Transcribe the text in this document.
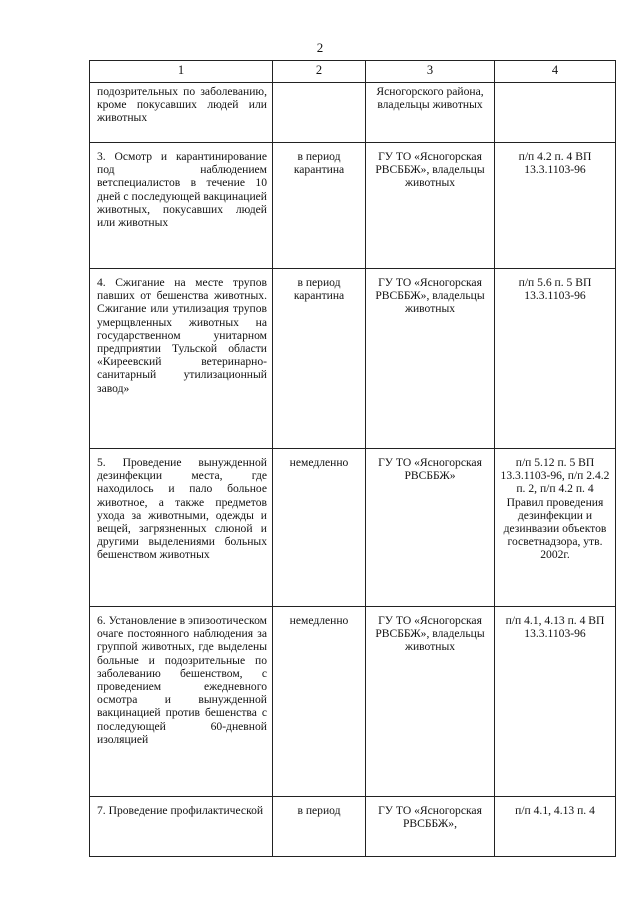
2
1	2	3	4
подозрительных по заболеванию, кроме покусавших людей или животных		Ясногорского района, владельцы животных	
3. Осмотр и карантинирование под наблюдением ветспециалистов в течение 10 дней с последующей вакцинацией животных, покусавших людей или животных	в период карантина	ГУ ТО «Ясногорская РВСББЖ», владельцы животных	п/п 4.2 п. 4 ВП 13.3.1103-96
4. Сжигание на месте трупов павших от бешенства животных. Сжигание или утилизация трупов умерщвленных животных на государственном унитарном предприятии Тульской области «Киреевский ветеринарно-санитарный утилизационный завод»	в период карантина	ГУ ТО «Ясногорская РВСББЖ», владельцы животных	п/п 5.6 п. 5 ВП 13.3.1103-96
5. Проведение вынужденной дезинфекции места, где находилось и пало больное животное, а также предметов ухода за животными, одежды и вещей, загрязненных слюной и другими выделениями больных бешенством животных	немедленно	ГУ ТО «Ясногорская РВСББЖ»	п/п 5.12 п. 5 ВП 13.3.1103-96, п/п 2.4.2 п. 2, п/п 4.2 п. 4 Правил проведения дезинфекции и дезинвазии объектов госветнадзора, утв. 2002г.
6. Установление в эпизоотическом очаге постоянного наблюдения за группой животных, где выделены больные и подозрительные по заболеванию бешенством, с проведением ежедневного осмотра и вынужденной вакцинацией против бешенства с последующей 60-дневной изоляцией	немедленно	ГУ ТО «Ясногорская РВСББЖ», владельцы животных	п/п 4.1, 4.13 п. 4 ВП 13.3.1103-96
7. Проведение профилактической	в период	ГУ ТО «Ясногорская РВСББЖ»,	п/п 4.1, 4.13 п. 4
